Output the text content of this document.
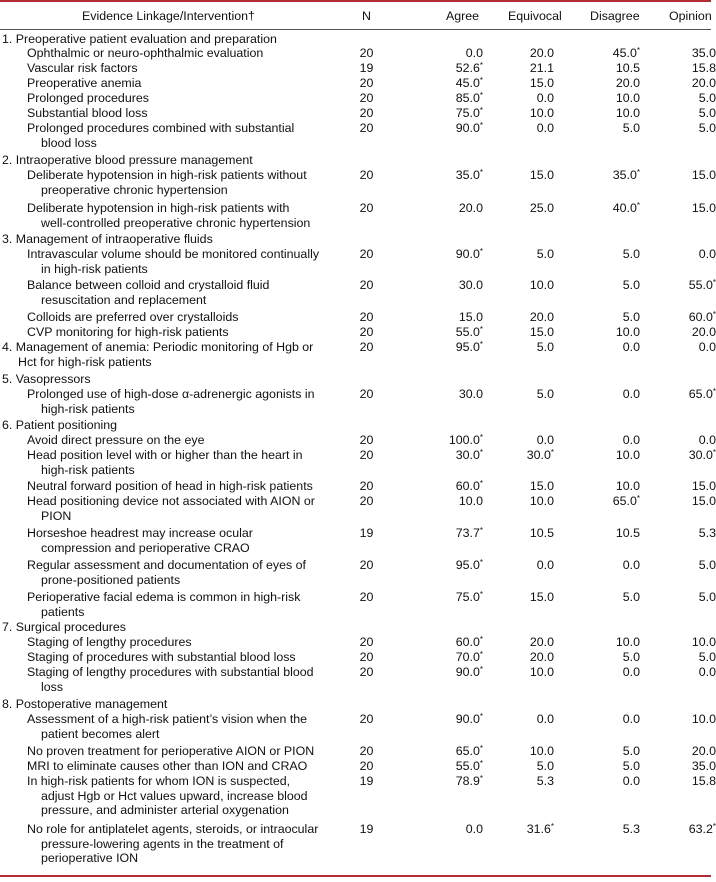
Evidence Linkage/Intervention†	N	Agree Equivocal Disagree Opinion
1. Preoperative patient evaluation and preparation
Ophthalmic or neuro-ophthalmic evaluation	20	0.0	20.0	45.0*	35.0
Vascular risk factors	19	52.6*	21.1	10.5	15.8
Preoperative anemia	20	45.0*	15.0	20.0	20.0
Prolonged procedures	20	85.0*	0.0	10.0	5.0
Substantial blood loss	20	75.0*	10.0	10.0	5.0
Prolonged procedures combined with substantial
blood loss
20	90.0*	0.0	5.0	5.0
2. Intraoperative blood pressure management
Deliberate hypotension in high-risk patients without
preoperative chronic hypertension
20	35.0*	15.0	35.0*	15.0
Deliberate hypotension in high-risk patients with
well-controlled preoperative chronic hypertension
20	20.0	25.0	40.0*	15.0
3. Management of intraoperative fluids
Intravascular volume should be monitored continually
in high-risk patients
20	90.0*	5.0	5.0	0.0
Balance between colloid and crystalloid fluid
resuscitation and replacement
20	30.0	10.0	5.0	55.0*
Colloids are preferred over crystalloids	20	15.0	20.0	5.0	60.0*
CVP monitoring for high-risk patients	20	55.0*	15.0	10.0	20.0
4. Management of anemia: Periodic monitoring of Hgb or
Hct for high-risk patients
20	95.0*	5.0	0.0	0.0
5. Vasopressors
Prolonged use of high-dose α-adrenergic agonists in
high-risk patients
20	30.0	5.0	0.0	65.0*
6. Patient positioning
Avoid direct pressure on the eye	20	100.0*	0.0	0.0	0.0
Head position level with or higher than the heart in
high-risk patients
20	30.0*	30.0*	10.0	30.0*
Neutral forward position of head in high-risk patients	20	60.0*	15.0	10.0	15.0
Head positioning device not associated with AION or
PION
20	10.0	10.0	65.0*	15.0
Horseshoe headrest may increase ocular
compression and perioperative CRAO
19	73.7*	10.5	10.5	5.3
Regular assessment and documentation of eyes of
prone-positioned patients
20	95.0*	0.0	0.0	5.0
Perioperative facial edema is common in high-risk
patients
20	75.0*	15.0	5.0	5.0
7. Surgical procedures
Staging of lengthy procedures	20	60.0*	20.0	10.0	10.0
Staging of procedures with substantial blood loss	20	70.0*	20.0	5.0	5.0
Staging of lengthy procedures with substantial blood
loss
20	90.0*	10.0	0.0	0.0
8. Postoperative management
Assessment of a high-risk patient’s vision when the
patient becomes alert
20	90.0*	0.0	0.0	10.0
No proven treatment for perioperative AION or PION	20	65.0*	10.0	5.0	20.0
MRI to eliminate causes other than ION and CRAO	20	55.0*	5.0	5.0	35.0
In high-risk patients for whom ION is suspected,
adjust Hgb or Hct values upward, increase blood
pressure, and administer arterial oxygenation
19	78.9*	5.3	0.0	15.8
No role for antiplatelet agents, steroids, or intraocular
pressure-lowering agents in the treatment of
perioperative ION
19	0.0	31.6*	5.3	63.2*
